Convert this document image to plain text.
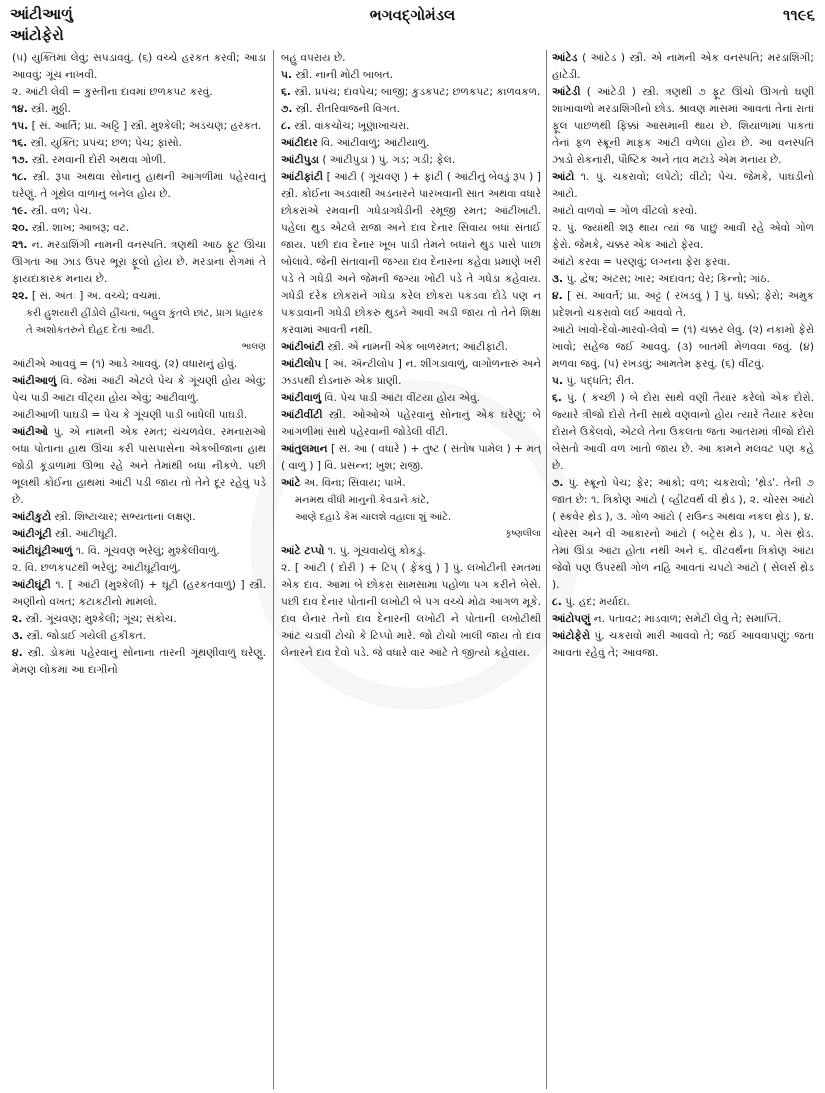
આંટીઆળું
આંટોફેરો
ભગવદ્ગોમંડલ	૧૧૯૬

(૫) યુક્તિમાં લેવું; સપડાવવું. (૬) વચ્ચે હરકત કરવી; આડા આવવું; ગૂંચ નાખવી.

૨. આંટી લેવી = કુસ્તીના દાવમાં છળકપટ કરવું.

૧૪. સ્ત્રી. મુઠ્ઠી.

૧૫. [ સં. આર્તિ; પ્રા. અટ્ટિ ] સ્ત્રી. મુશ્કેલી; અડચણ; હરકત.

૧૬. સ્ત્રી. યુક્તિ; પ્રપંચ; છળ; પેચ; ફાંસો.

૧૭. સ્ત્રી. રમવાની દોરી અથવા ગોળી.

૧૮. સ્ત્રી. રૂપા અથવા સોનાનું હાથની આંગળીમાં પહેરવાનું ઘરેણું. તે ગૂંથેલ વાળાનું બનેલ હોય છે.

૧૯. સ્ત્રી. વળ; પેચ.

૨૦. સ્ત્રી. શાખ; આબરૂ; વટ.

૨૧. ન. મરડાશિંગી નામની વનસ્પતિ. ત્રણથી આઠ ફૂટ ઊંચા ઊગતા આ ઝાડ ઉપર ભૂરાં ફૂલો હોય છે. મરડાના રોગમાં તે ફાયદાકારક મનાય છે.

૨૨. [ સં. અંતઃ ] અ. વચ્ચે; વચમાં.

કરી હુશયારી હીંડોલે હીંચતાં, બહુલ કુંતલે છાંટ, પ્રાગ પ્રહારક તે અશોકતરુને દોહદ દેતાં આંટી.

ભાલણ

આંટીએ આવવું = (૧) આડે આવવું. (૨) વધારાનું હોવું.

આંટીઆળું વિ. જેમાં આંટી એટલે પેચ કે ગૂંચણી હોય એવું; પેચ પાડી આંટા વીંટ્યા હોય એવું; આંટીવાળું.

આંટીઆળી પાઘડી = પેચ કે ગૂંચણી પાડી બાંધેલી પાઘડી.

આંટીઓ પું. એ નામની એક રમત; ચંચળવેલ. રમનારાઓ બધા પોતાના હાથ ઊંચા કરી પાસપાસેના એકબીજાના હાથ જોડી કૂંડાળામાં ઊભા રહે અને તેમાંથી બધા નીકળે. પછી ભૂલથી કોઈના હાથમાં આંટી પડી જાય તો તેને દૂર રહેવું પડે છે.

આંટીકુટો સ્ત્રી. શિષ્ટાચાર; સભ્યતાનાં લક્ષણ.

આંટીગૂંટી સ્ત્રી. આંટીઘૂંટી.

આંટીઘૂંટીઆળું ૧. વિ. ગૂંચવણ ભરેલું; મુશ્કેલીવાળું.

૨. વિ. છળકપટથી ભરેલું; આંટીઘૂંટીવાળું.

આંટીઘૂંટી ૧. [ આંટી (મુશ્કેલી) + ઘૂંટી (હરકતવાળું) ] સ્ત્રી. અણીનો વખત; કટાકટીનો મામલો.

૨. સ્ત્રી. ગૂંચવણ; મુશ્કેલી; ગૂંચ; સંકોચ.

૩. સ્ત્રી. જોડાઈ ગયેલી હકીકત.

૪. સ્ત્રી. ડોકમાં પહેરવાનું સોનાના તારની ગૂંથણીવાળું ઘરેણું. મેમણ લોકમાં આ દાગીનો

બહુ વપરાય છે.

૫. સ્ત્રી. નાની મોટી બાબત.

૬. સ્ત્રી. પ્રપંચ; દાવપેચ; બાજી; કુડકપટ; છળકપટ; કાળવકળ.

૭. સ્ત્રી. રીતરિવાજની વિગત.

૮. સ્ત્રી. વાંકચોંચ; ખૂણાખાચરા.

આંટીદાર વિ. આંટીવાળું; આંટીયાળું.

આંટીપુડા ( આંટીપુડા ) પું. ગડ; ગડી; ફેલ.

આંટીફાંટી [ આંટી ( ગૂંચવણ ) + ફાંટી ( આંટીનું બેવડું રૂપ ) ] સ્ત્રી. કોઈના અડવાથી અડનારને પારખવાની સાત અથવા વધારે છોકરાંએ રમવાની ગધેડાગધેડીની રમૂજી રમત; આંટીખાંટી. પહેલાં થુડ એટલે રાજા અને દાવ દેનાર સિવાય બધાં સંતાઈ જાય. પછી દાવ દેનાર ખૂબ પાડી તેમને બધાંને થુડ પાસે પાછા બોલાવે. જેની સંતાવાની જગ્યા દાવ દેનારના કહેવા પ્રમાણે ખરી પડે તે ગધેડી અને જેમની જગ્યા ખોટી પડે તે ગધેડા કહેવાય. ગધેડી દરેક છોકરાંને ગધેડા કરેલ છોકરાં પકડવા દોડે પણ ન પકડાવાની ગધેડી છોકરું થુડને આવી અડી જાય તો તેને શિક્ષા કરવામાં આવતી નથી.

આંટીબાંટી સ્ત્રી. એ નામની એક બાળરમત; આંટીફાંટી.

આંટીલોપ [ અં. ઍન્ટીલોપ ] ન. શીંગડાવાળું, વાગોળનારું અને ઝડપથી દોડનારું એક પ્રાણી.

આંટીવાળું વિ. પેચ પાડી આંટા વીંટયા હોય એવું.

આંટીવીંટી સ્ત્રી. ઓઓએ પહેરવાનું સોનાનું એક ઘરેણું; બે આંગળીમાં સાથે પહેરવાની જોડેલી વીંટી.

આંતુલમાન [ સં. આ ( વધારે ) + તુષ્ટ ( સંતોષ પામેલ ) + મત્ ( વાળું ) ] વિ. પ્રસન્ન; ખુશ; રાજી.

આંટે અ. વિના; સિવાય; પાખે.

મનમથ વીંધી માનુની કેવડાને કાંટે,

આણે દહાડે કેમ ચાલશે વહાલા શું આંટે.

કૃષ્ણલીલા

આંટે ટપ્પો ૧. પું. ગૂંચવાયેલું કોકડું.

૨. [ આંટી ( દોરી ) + ટિપ્ ( ફેંકવું ) ] પું. લખોટીની રમતમાં એક દાવ. આમાં બે છોકરા સામસામા પહોળા પગ કરીને બેસે. પછી દાવ દેનાર પોતાની લખોટી બે પગ વચ્ચે મોઢા આગળ મૂકે. દાવ લેનાર તેનો દાવ દેનારની લખોટી ને પોતાની લખોટીથી આંટ ચડાવી ટોચો કે ટિપ્પો મારે. જો ટોચો ખાલી જાય તો દાવ લેનારને દાવ દેવો પડે. જે વધારે વાર આંટે તે જીત્યો કહેવાય.

આંટેડ ( આંટેડ ) સ્ત્રી. એ નામની એક વનસ્પતિ; મરડાશિંગી; હાટેડી.

આંટેડી ( આંટેડી ) સ્ત્રી. ત્રણથી ૭ ફૂટ ઊંચો ઊગતો ઘણી શાખાવાળો મરડાશિંગીનો છોડ. શ્રાવણ માસમાં આવતાં તેનાં રાતાં ફૂલ પાછળથી ફિક્કાં આસમાની થાય છે. શિયાળામાં પાકતાં તેનાં ફળ સ્ક્રૂની માફક આંટી વળેલાં હોય છે. આ વનસ્પતિ ઝાડો રોકનારી, પૌષ્ટિક અને તાવ મટાડે એમ મનાય છે.

આંટો ૧. પું. ચકરાવો; લપેટો; વીંટો; પેચ. જેમકે, પાઘડીનો આંટો.

આંટો વાળવો = ગોળ વીંટલો કરવો.

૨. પું. જ્યાંથી શરૂ થાય ત્યાં જ પાછું આવી રહે એવો ગોળ ફેરો. જેમકે, ચક્કર એક આંટો ફેરવ.

આંટો કરવા = પરણવું; લગ્નના ફેરા ફરવા.

૩. પું. દ્વેષ; અંટસ; ખાર; અદાવત; વેર; કિન્નો; ગાંઠ.

૪. [ સં. આવર્ત; પ્રા. અટ્ટ ( રખડવું ) ] પું. ધક્કો; ફેરો; અમુક પ્રદેશનો ચકરાવો લઈ આવવો તે.

આંટો ખાવો-દેવો-મારવો-લેવો = (૧) ચક્કર લેવું. (૨) નકામો ફેરો ખાવો; સહેજ જઈ આવવું. (૩) બાતમી મેળવવા જવું. (૪) મળવા જવું. (૫) રખડવું; આમતેમ ફરવું. (૬) વીંટવું.

૫. પું. પદ્ધતિ; રીત.

૬. પું. ( કચ્છી ) બે દોરા સાથે વણી તૈયાર કરેલો એક દોરો. જ્યારે ત્રીજો દોરો તેની સાથે વણવાનો હોય ત્યારે તૈયાર કરેલા દોરાને ઉકેલવો, એટલે તેના ઉકલતા જતા આંતરામાં ત્રીજો દોરો બેસતો આવી વળ ખાતો જાય છે. આ કામને મલવટ પણ કહે છે.

૭. પું. સ્ક્રૂનો પેચ; ફેર; આંકો; વળ; ચકરાવો; 'થ્રેડ'. તેની ૭ જાત છે: ૧. ત્રિકોણ આંટો ( વ્હીટવર્થ વી થ્રેડ ), ૨. ચોરસ આંટો ( સ્કવેર થ્રેડ ), ૩. ગોળ આંટો ( રાઉન્ડ અથવા નકલ થ્રેડ ), ૪. ચોરસ અને વી આકારનો આંટો ( બટ્રેસ થ્રેડ ), ૫. ગેસ થ્રેડ. તેમાં ઊંડા આંટા હોતા નથી અને ૬. વીટવર્થના ત્રિકોણ આંટા જેવો પણ ઉપરથી ગોળ નહિ આવતાં ચપટો આંટો ( સેલર્સ થ્રેડ ).

૮. પું. હદ; મર્યાદા.

આંટોપણું ન. પતાવટ; માંડવાળ; સમેટી લેવું તે; સમાપ્તિ.

આંટોફેરો પું. ચકરાવો મારી આવવો તે; જઈ આવવાપણું; જતા આવતા રહેવું તે; આવજા.
